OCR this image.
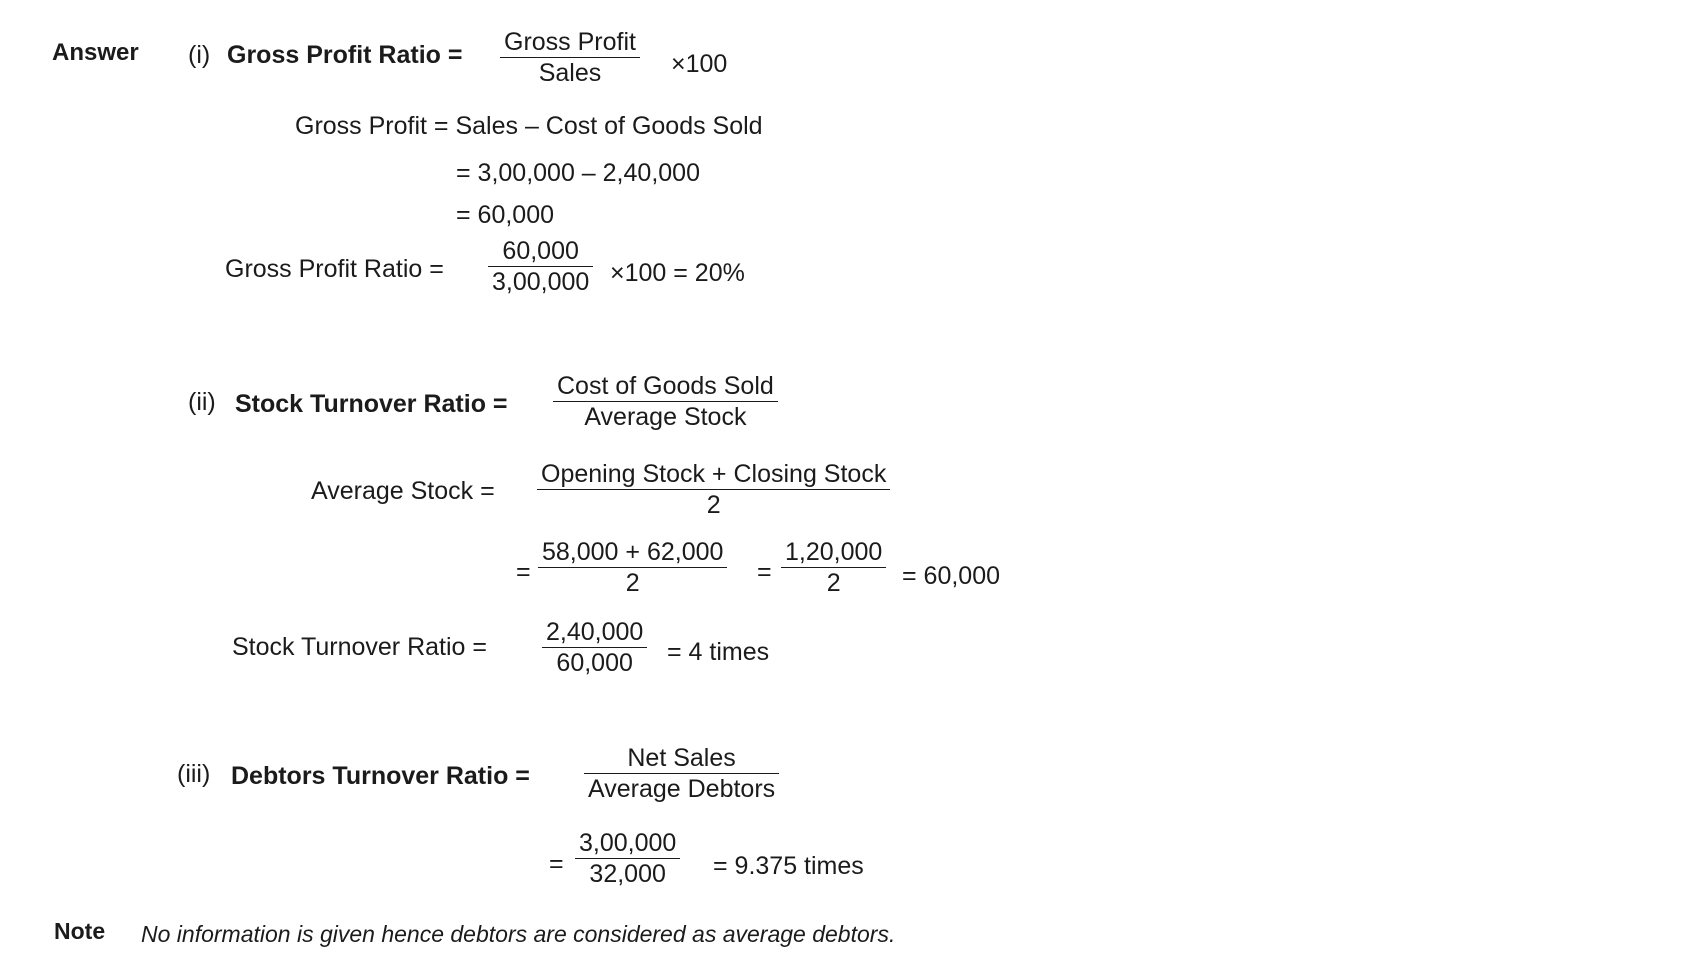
Answer (i) Gross Profit Ratio = Gross Profit
Sales	×100
Gross Profit = Sales – Cost of Goods Sold
= 3,00,000 – 2,40,000
= 60,000
Gross Profit Ratio =
60,000
3,00,000 ×100 = 20%
(ii) Stock Turnover Ratio =
Cost of Goods Sold
Average Stock
Average Stock =
Opening Stock + Closing Stock
2
=
58,000 + 62,000
2	=
1,20,000
2 = 60,000
Stock Turnover Ratio =
2,40,000
60,000 = 4 times
(iii) Debtors Turnover Ratio =
Net Sales
Average Debtors
=
3,00,000
32,000 = 9.375 times
Note No information is given hence debtors are considered as average debtors.
